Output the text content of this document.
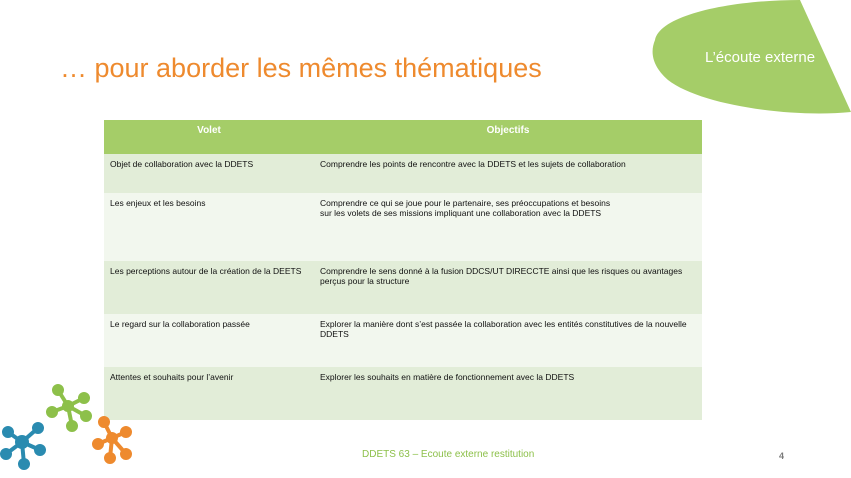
L’écoute externe
… pour aborder les mêmes thématiques
Volet	Objectifs
Objet de collaboration avec la DDETS	Comprendre les points de rencontre avec la DDETS et les sujets de collaboration
Les enjeux et les besoins	Comprendre ce qui se joue pour le partenaire, ses préoccupations et besoins
sur les volets de ses missions impliquant une collaboration avec la DDETS
Les perceptions autour de la création de la DEETS	Comprendre le sens donné à la fusion DDCS/UT DIRECCTE ainsi que les risques ou avantages perçus pour la structure
Le regard sur la collaboration passée	Explorer la manière dont s’est passée la collaboration avec les entités constitutives de la nouvelle DDETS
Attentes et souhaits pour l’avenir	Explorer les souhaits en matière de fonctionnement avec la DDETS
DDETS 63 – Ecoute externe restitution	4
